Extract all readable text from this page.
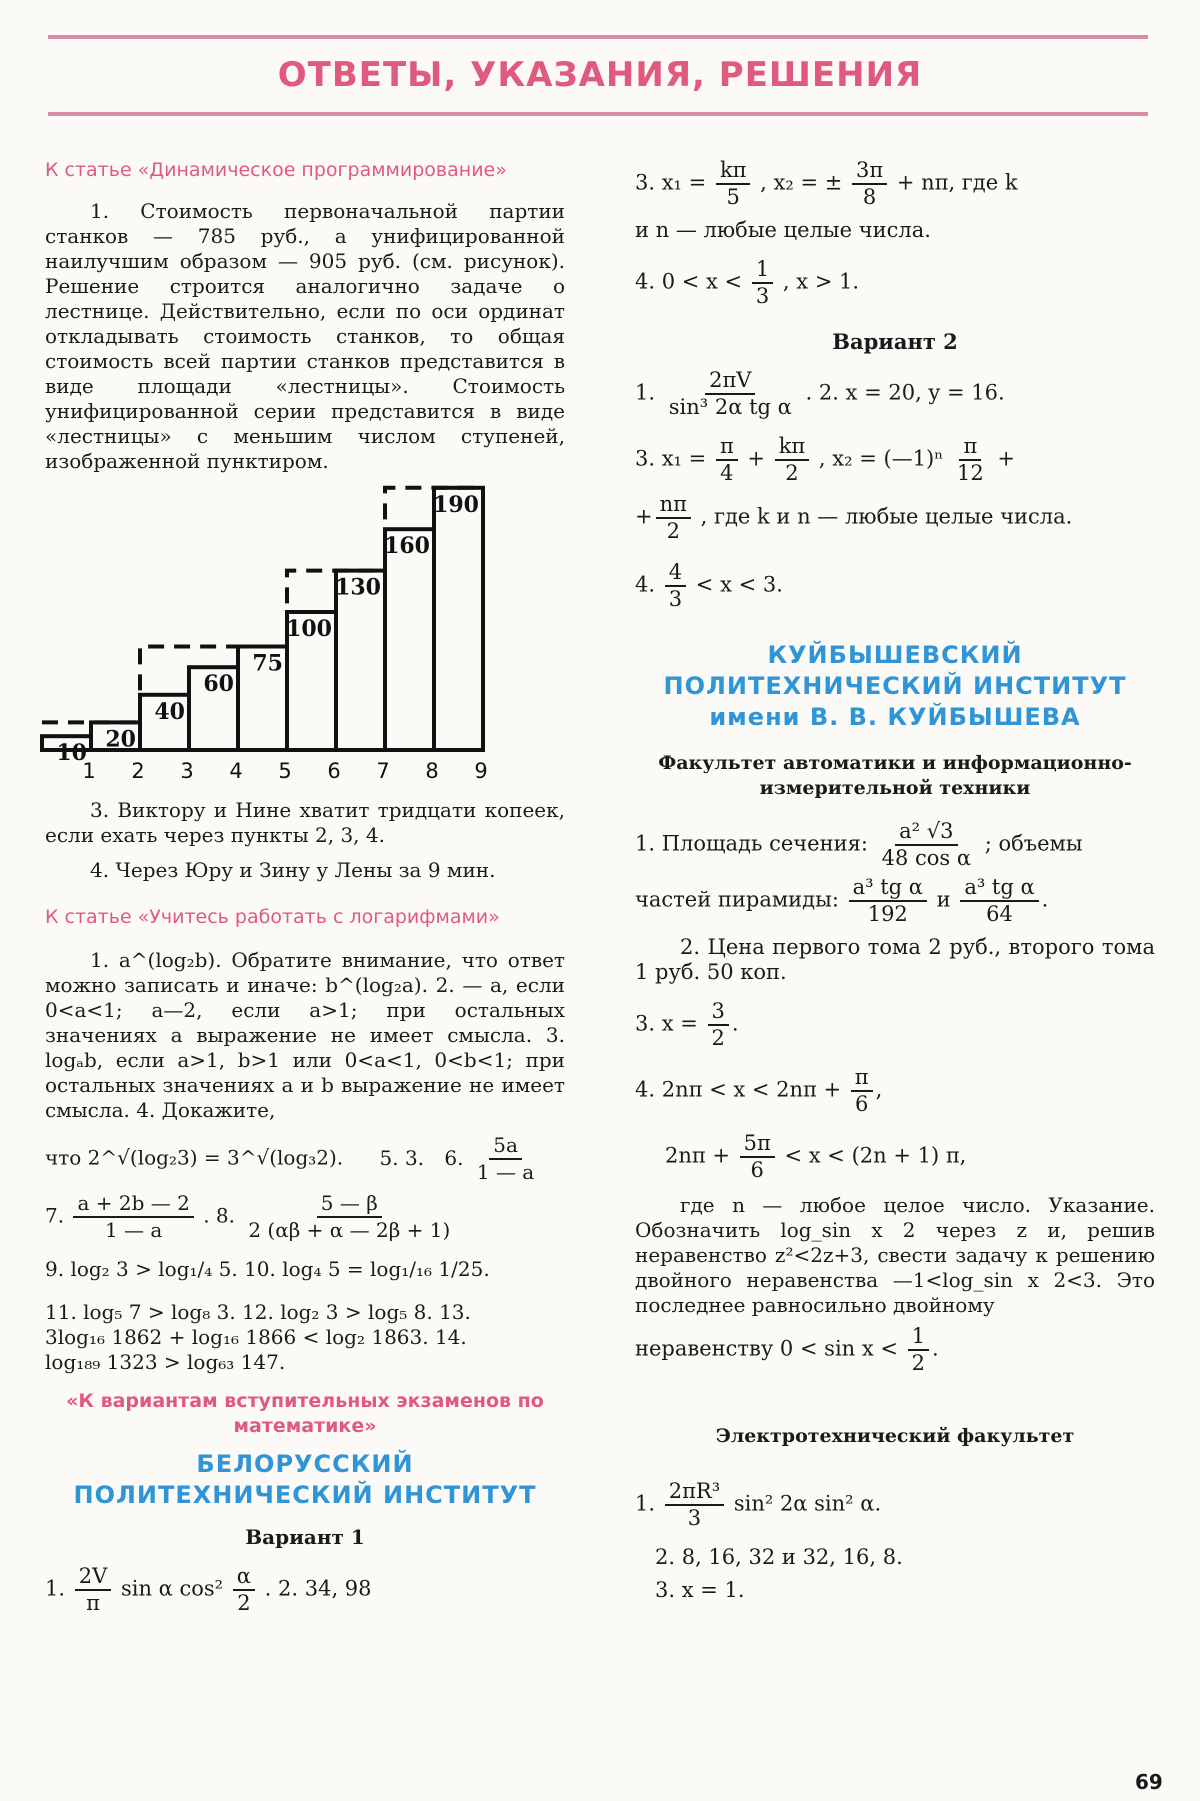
ОТВЕТЫ, УКАЗАНИЯ, РЕШЕНИЯ

К статье «Динамическое программирование»

1. Стоимость первоначальной партии станков — 785 руб., а унифицированной наилучшим образом — 905 руб. (см. рисунок). Решение строится аналогично задаче о лестнице. Действительно, если по оси ординат откладывать стоимость станков, то общая стоимость всей партии станков представится в виде площади «лестницы». Стоимость унифицированной серии представится в виде «лестницы» с меньшим числом ступеней, изображенной пунктиром.

10
20
40
60
75
100
130
160
190
1 2 3 4 5 6 7 8 9

3. Виктору и Нине хватит тридцати копеек, если ехать через пункты 2, 3, 4.

4. Через Юру и Зину у Лены за 9 мин.

К статье «Учитесь работать с логарифмами»

1. a^(log₂b). Обратите внимание, что ответ можно записать и иначе: b^(log₂a). 2. — a, если 0<a<1; a—2, если a>1; при остальных значениях a выражение не имеет смысла. 3. logₐb, если a>1, b>1 или 0<a<1, 0<b<1; при остальных значениях a и b выражение не имеет смысла. 4. Докажите,

что 2^√(log₂3) = 3^√(log₃2). 5. 3. 6. $\frac{5a}{1 — a}$

7. $\frac{a + 2b — 2}{1 — a}$ . 8. $\frac{5 — \beta}{2 (\alpha\beta + \alpha — 2\beta + 1)}$

9. log₂ 3 > log₁/₄ 5. 10. log₄ 5 = log₁/₁₆ 1/25.

11. log₅ 7 > log₈ 3. 12. log₂ 3 > log₅ 8. 13.

3log₁₆ 1862 + log₁₆ 1866 < log₂ 1863. 14.

log₁₈₉ 1323 > log₆₃ 147.

«К вариантам вступительных экзаменов по математике»

БЕЛОРУССКИЙ ПОЛИТЕХНИЧЕСКИЙ ИНСТИТУТ

Вариант 1

1. $\frac{2V}{\pi}$ sin α $\cos^2 \frac{\alpha}{2}$ . 2. 34, 98

3. $x_1 = \frac{k\pi}{5}$ , x₂ = ± $\frac{3\pi}{8} + n\pi$, где k

и n — любые целые числа.

4. $0 < x < \frac{1}{3}$ , x > 1.

Вариант 2

1. $\frac{2\pi V}{\text{sin³ 2α tg α}}$ . 2. x = 20, y = 16.

3. $x_1 = \frac{\pi}{4} + \frac{k\pi}{2}$ , x₂ = (—1)ⁿ $\frac{\pi}{12}$ +

+ $\frac{n\pi}{2}$ , где k и n — любые целые числа.

4. $\frac{4}{3} < x < 3$.

КУЙБЫШЕВСКИЙ ПОЛИТЕХНИЧЕСКИЙ ИНСТИТУТ имени В. В. КУЙБЫШЕВА

Факультет автоматики и информационно-измерительной техники

1. Площадь сечения: $\frac{\text{a² √3}}{\text{48 cos α}}$ ; объемы

частей пирамиды: $\frac{\text{a³ tg α}}{192}$ и $\frac{\text{a³ tg α}}{64}$ .

2. Цена первого тома 2 руб., второго тома 1 руб. 50 коп.

3. $x = \frac{3}{2}$ .

4. $2n\pi < x < 2n\pi + \frac{\pi}{6}$ ,

$2n\pi + \frac{5\pi}{6} < x < (2n + 1)$ π,

где n — любое целое число. Указание. Обозначить log_sin x 2 через z и, решив неравенство z²<2z+3, свести задачу к решению двойного неравенства —1<log_sin x 2<3. Это последнее равносильно двойному

неравенству $0 < \sin x < \frac{1}{2}$ .

Электротехнический факультет

1. $\frac{\text{2πR³}}{3} \sin^2$ 2α sin² α.

2. 8, 16, 32 и 32, 16, 8.

3. x = 1.

69
